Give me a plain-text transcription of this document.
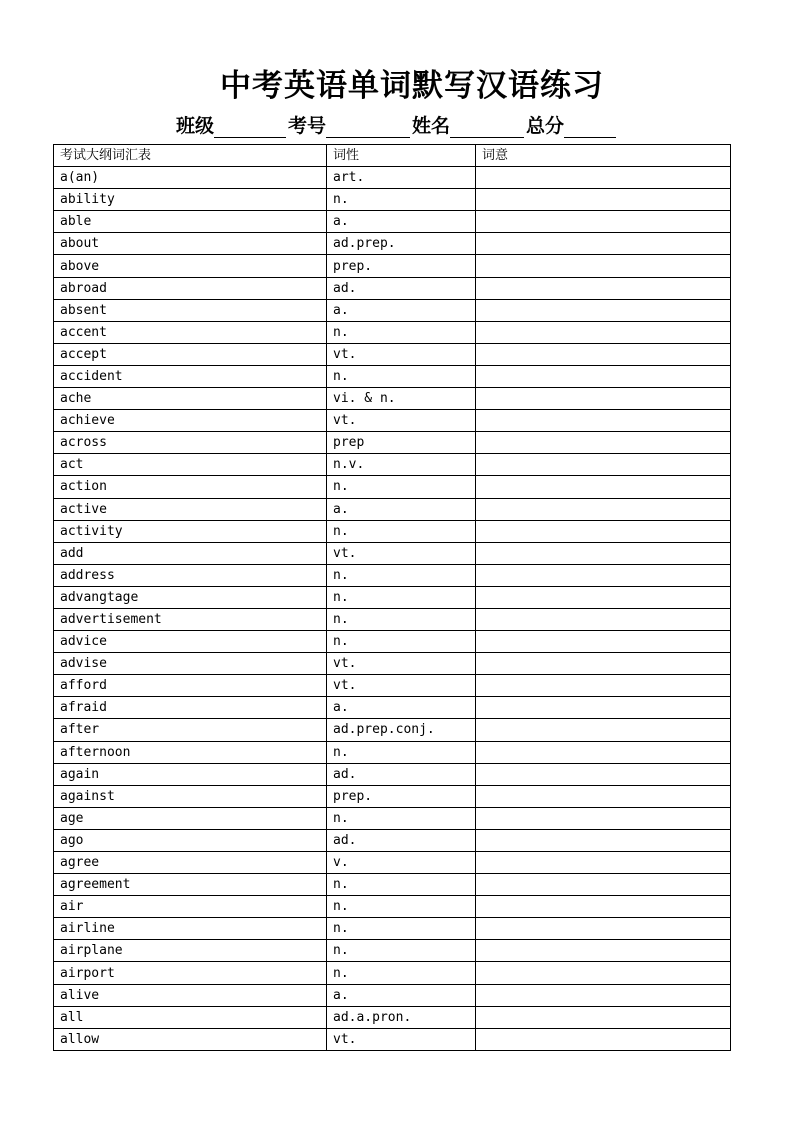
中考英语单词默写汉语练习
班级	考号	姓名	总分
考试大纲词汇表	词性	词意
a(an)	art.	
ability	n.	
able	a.	
about	ad.prep.	
above	prep.	
abroad	ad.	
absent	a.	
accent	n.	
accept	vt.	
accident	n.	
ache	vi. & n.	
achieve	vt.	
across	prep	
act	n.v.	
action	n.	
active	a.	
activity	n.	
add	vt.	
address	n.	
advangtage	n.	
advertisement	n.	
advice	n.	
advise	vt.	
afford	vt.	
afraid	a.	
after	ad.prep.conj.	
afternoon	n.	
again	ad.	
against	prep.	
age	n.	
ago	ad.	
agree	v.	
agreement	n.	
air	n.	
airline	n.	
airplane	n.	
airport	n.	
alive	a.	
all	ad.a.pron.	
allow	vt.	
